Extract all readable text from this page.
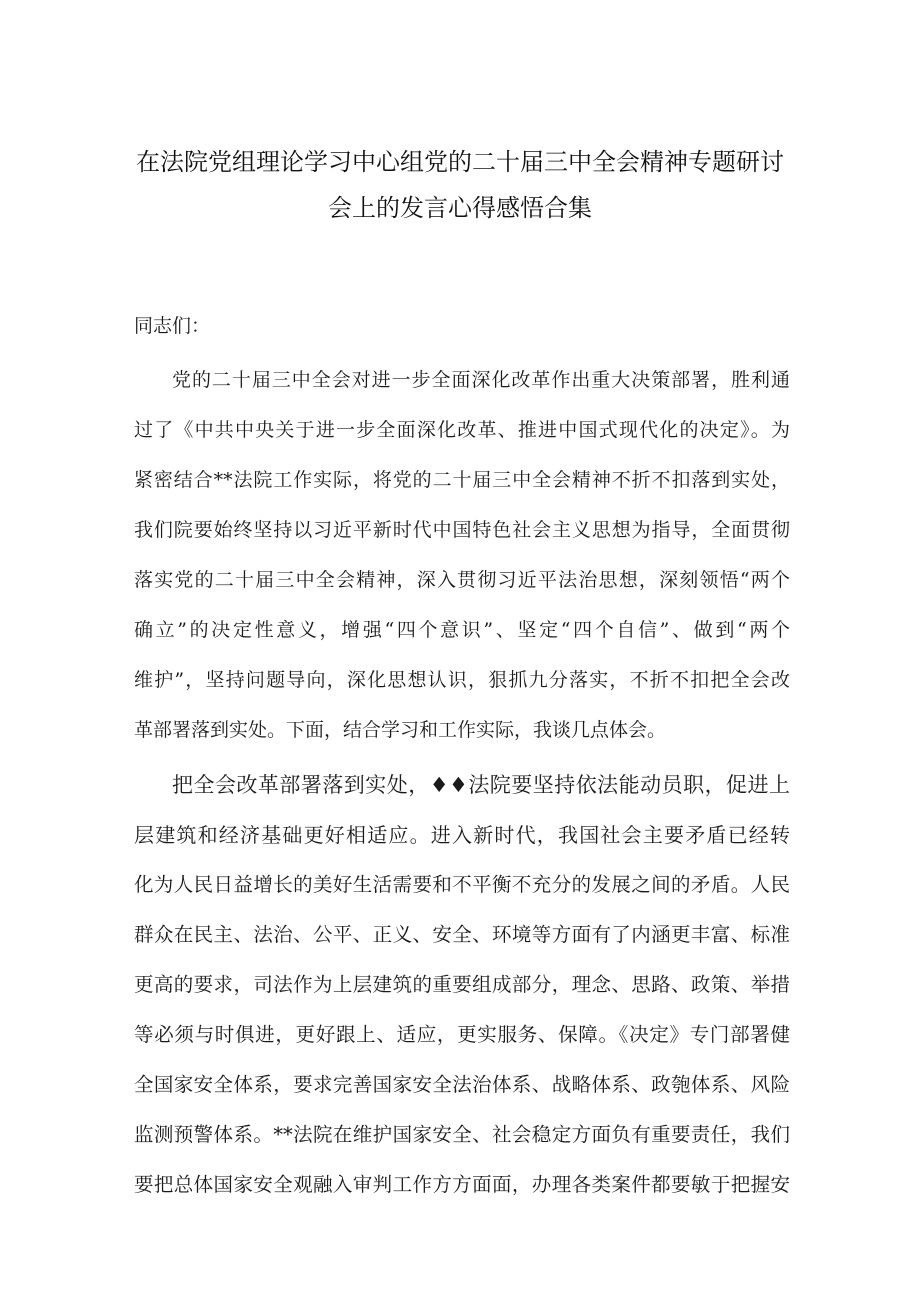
在法院党组理论学习中心组党的二十届三中全会精神专题研讨
会上的发言心得感悟合集
同志们：
党的二十届三中全会对进一步全面深化改革作出重大决策部署，胜利通
过了《中共中央关于进一步全面深化改革、推进中国式现代化的决定》。为
紧密结合**法院工作实际，将党的二十届三中全会精神不折不扣落到实处，
我们院要始终坚持以习近平新时代中国特色社会主义思想为指导，全面贯彻
落实党的二十届三中全会精神，深入贯彻习近平法治思想，深刻领悟“两个
确立”的决定性意义，增强“四个意识”、坚定“四个自信”、做到“两个
维护”，坚持问题导向，深化思想认识，狠抓九分落实，不折不扣把全会改
革部署落到实处。下面，结合学习和工作实际，我谈几点体会。
把全会改革部署落到实处，♦♦法院要坚持依法能动员职，促进上
层建筑和经济基础更好相适应。进入新时代，我国社会主要矛盾已经转
化为人民日益增长的美好生活需要和不平衡不充分的发展之间的矛盾。人民
群众在民主、法治、公平、正义、安全、环境等方面有了内涵更丰富、标准
更高的要求，司法作为上层建筑的重要组成部分，理念、思路、政策、举措
等必须与时俱进，更好跟上、适应，更实服务、保障。《决定》专门部署健
全国家安全体系，要求完善国家安全法治体系、战略体系、政匏体系、风险
监测预警体系。**法院在维护国家安全、社会稳定方面负有重要责任，我们
要把总体国家安全观融入审判工作方方面面，办理各类案件都要敏于把握安
